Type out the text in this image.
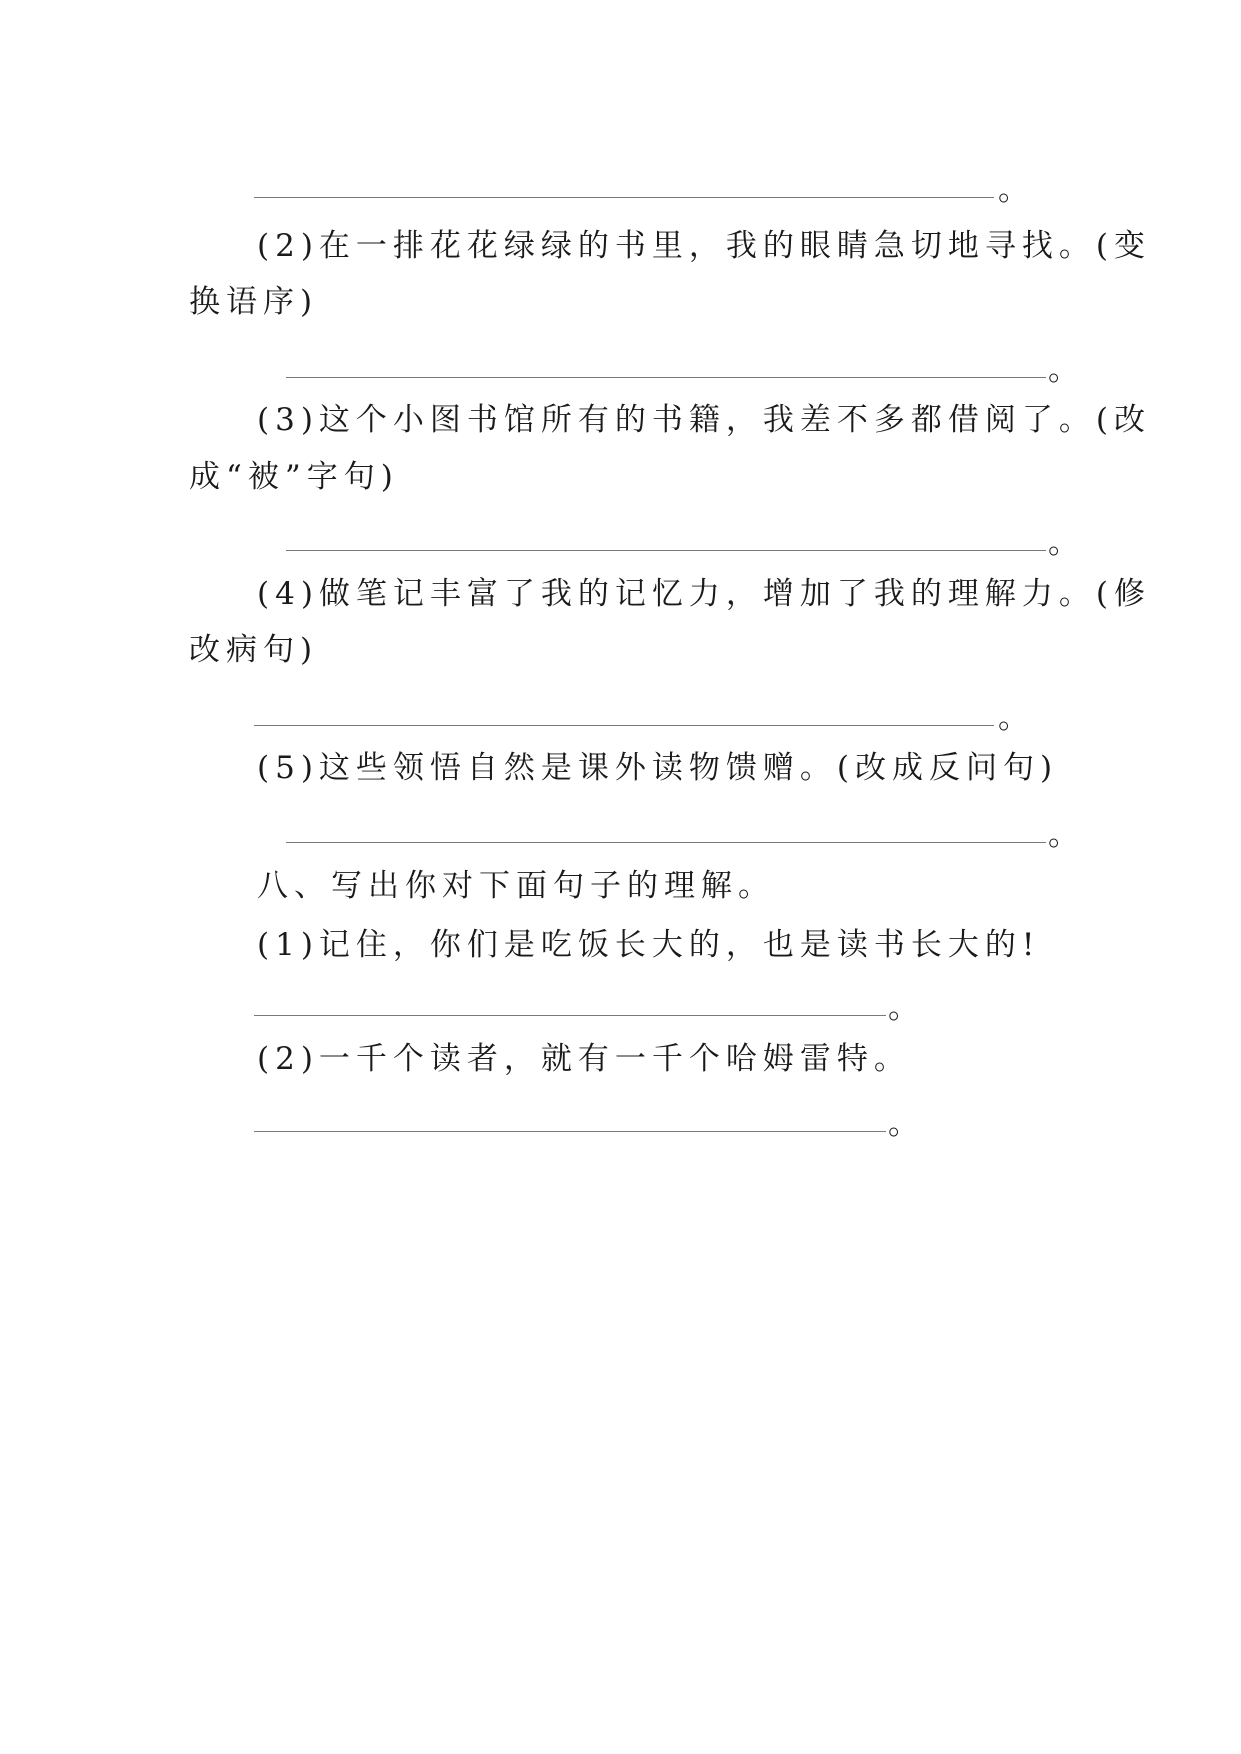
。
(2)在一排花花绿绿的书里，我的眼睛急切地寻找。(变
换语序)
。
(3)这个小图书馆所有的书籍，我差不多都借阅了。(改
成“被”字句)
。
(4)做笔记丰富了我的记忆力，增加了我的理解力。(修
改病句)
。
(5)这些领悟自然是课外读物馈赠。(改成反问句)
。
八、写出你对下面句子的理解。
(1)记住，你们是吃饭长大的，也是读书长大的!
。
(2)一千个读者，就有一千个哈姆雷特。
。
